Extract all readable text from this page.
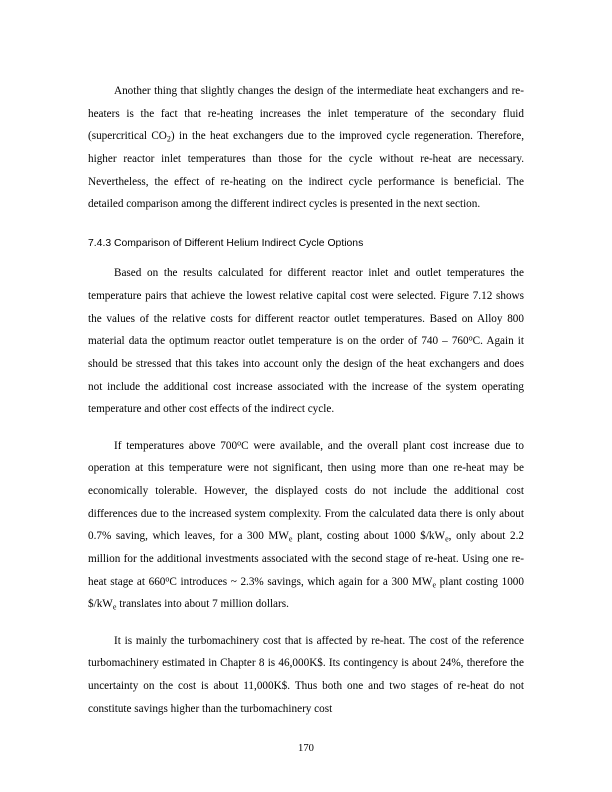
Another thing that slightly changes the design of the intermediate heat exchangers and re-heaters is the fact that re-heating increases the inlet temperature of the secondary fluid (supercritical $CO_2$) in the heat exchangers due to the improved cycle regeneration. Therefore, higher reactor inlet temperatures than those for the cycle without re-heat are necessary. Nevertheless, the effect of re-heating on the indirect cycle performance is beneficial. The detailed comparison among the different indirect cycles is presented in the next section.

7.4.3 Comparison of Different Helium Indirect Cycle Options

Based on the results calculated for different reactor inlet and outlet temperatures the temperature pairs that achieve the lowest relative capital cost were selected. Figure 7.12 shows the values of the relative costs for different reactor outlet temperatures. Based on Alloy 800 material data the optimum reactor outlet temperature is on the order of 740 – 760$^o$C. Again it should be stressed that this takes into account only the design of the heat exchangers and does not include the additional cost increase associated with the increase of the system operating temperature and other cost effects of the indirect cycle.

If temperatures above 700$^o$C were available, and the overall plant cost increase due to operation at this temperature were not significant, then using more than one re-heat may be economically tolerable. However, the displayed costs do not include the additional cost differences due to the increased system complexity. From the calculated data there is only about 0.7% saving, which leaves, for a 300 $MW_e$ plant, costing about 1000 $\$/kW_e$, only about 2.2 million for the additional investments associated with the second stage of re-heat. Using one re-heat stage at 660$^o$C introduces ~ 2.3% savings, which again for a 300 $MW_e$ plant costing 1000 $\$/kW_e$ translates into about 7 million dollars.

It is mainly the turbomachinery cost that is affected by re-heat. The cost of the reference turbomachinery estimated in Chapter 8 is 46,000K$. Its contingency is about 24%, therefore the uncertainty on the cost is about 11,000K$. Thus both one and two stages of re-heat do not constitute savings higher than the turbomachinery cost

170
